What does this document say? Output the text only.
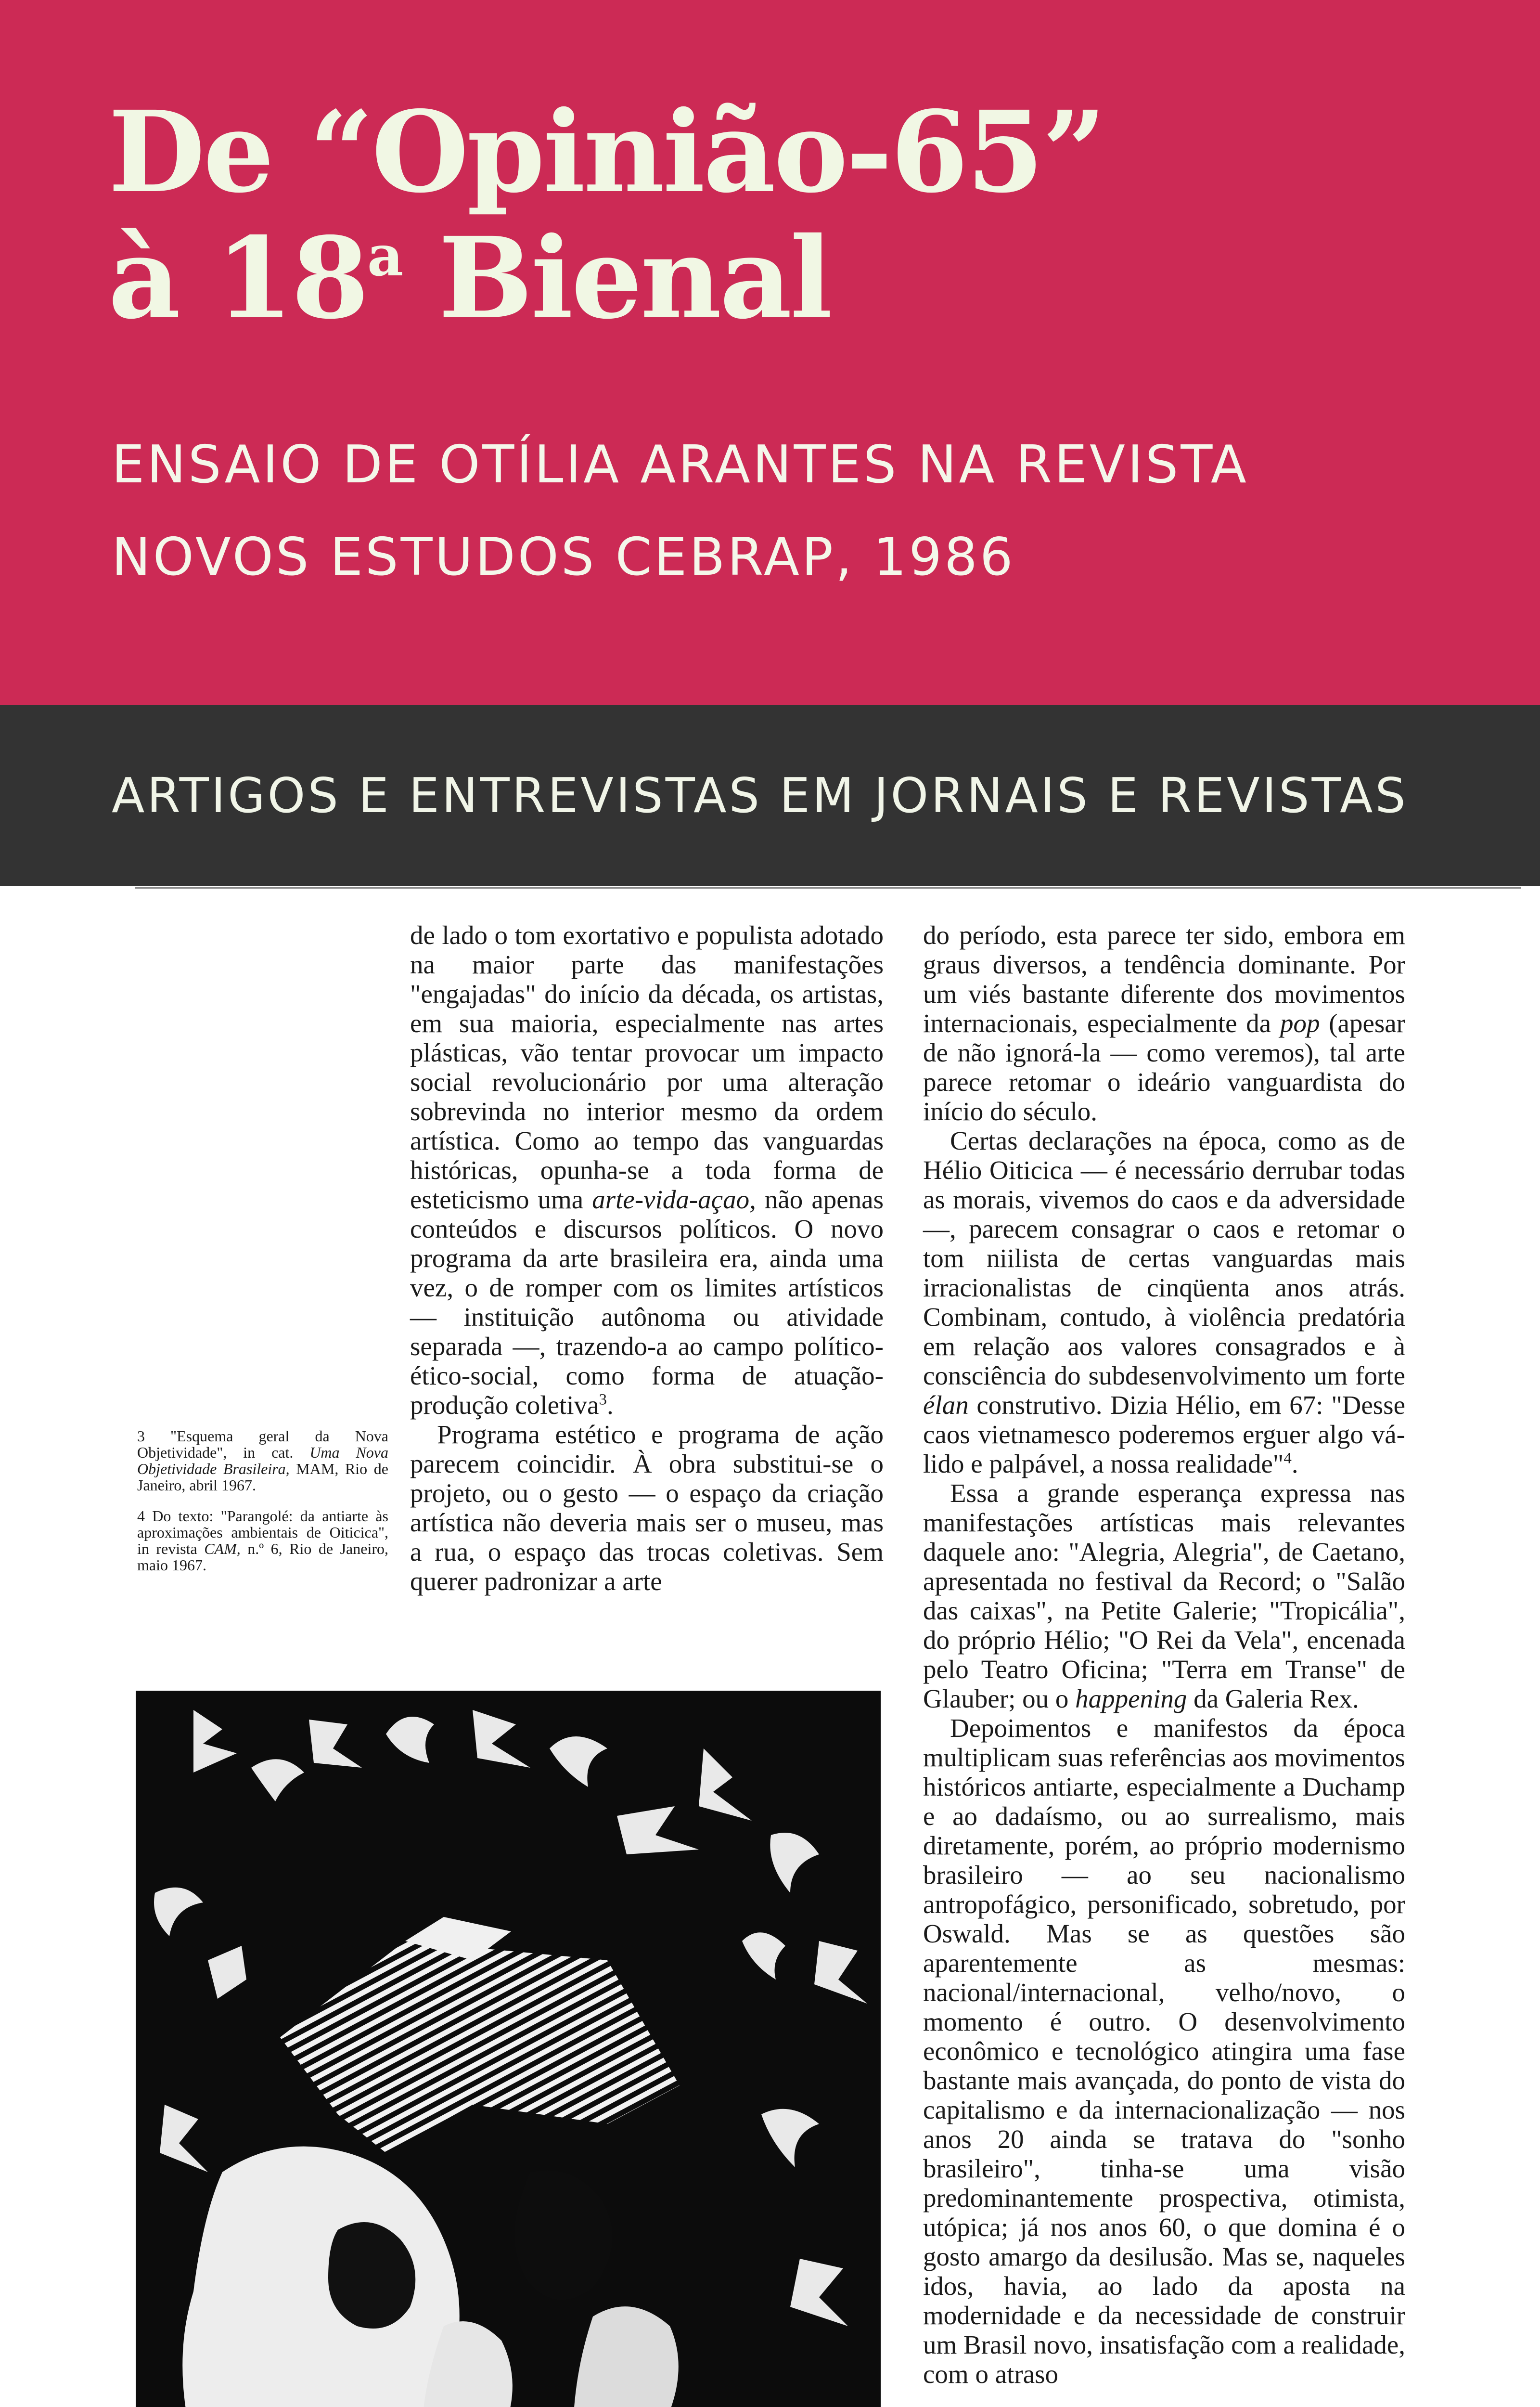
De “Opinião-65”
à 18$^a$ Bienal
ENSAIO DE OTÍLIA ARANTES NA REVISTA
NOVOS ESTUDOS CEBRAP, 1986
ARTIGOS E ENTREVISTAS EM JORNAIS E REVISTAS

de lado o tom exortativo e populista adotado na maior parte das manifestações "engajadas" do início da década, os artistas, em sua maioria, especialmente nas artes plásticas, vão tentar provocar um impacto social revolucionário por uma alteração sobrevinda no interior mesmo da ordem artística. Como ao tempo das vanguardas históricas, opunha-se a toda forma de esteticismo uma arte-vida-açao, não apenas conteúdos e discursos políticos. O novo programa da arte brasileira era, ainda uma vez, o de romper com os limites artísticos — instituição autônoma ou atividade separada —, trazendo-a ao campo político-ético-social, como forma de atuação-produção coletiva$^3$.

Programa estético e programa de ação parecem coincidir. À obra substitui-se o projeto, ou o gesto — o espaço da criação artística não deveria mais ser o museu, mas a rua, o espaço das trocas coletivas. Sem querer padronizar a arte

do período, esta parece ter sido, embora em graus diversos, a tendência dominante. Por um viés bastante diferente dos movimentos internacionais, especialmente da pop (apesar de não ignorá-la — como veremos), tal arte parece retomar o ideário vanguardista do início do século.

Certas declarações na época, como as de Hélio Oiticica — é necessário derrubar todas as morais, vivemos do caos e da adversidade —, parecem consagrar o caos e retomar o tom niilista de certas vanguardas mais irracionalistas de cinqüenta anos atrás. Combinam, contudo, à violência predatória em relação aos valores consagrados e à consciência do subdesenvolvimento um forte élan construtivo. Dizia Hélio, em 67: "Desse caos vietnamesco poderemos erguer algo válido e palpável, a nossa realidade"$^4$.

Essa a grande esperança expressa nas manifestações artísticas mais relevantes daquele ano: "Alegria, Alegria", de Caetano, apresentada no festival da Record; o "Salão das caixas", na Petite Galerie; "Tropicália", do próprio Hélio; "O Rei da Vela", encenada pelo Teatro Oficina; "Terra em Transe" de Glauber; ou o happening da Galeria Rex.

Depoimentos e manifestos da época multiplicam suas referências aos movimentos históricos antiarte, especialmente a Duchamp e ao dadaísmo, ou ao surrealismo, mais diretamente, porém, ao próprio modernismo brasileiro — ao seu nacionalismo antropofágico, personificado, sobretudo, por Oswald. Mas se as questões são aparentemente as mesmas: nacional/internacional, velho/novo, o momento é outro. O desenvolvimento econômico e tecnológico atingira uma fase bastante mais avançada, do ponto de vista do capitalismo e da internacionalização — nos anos 20 ainda se tratava do "sonho brasileiro", tinha-se uma visão predominantemente prospectiva, otimista, utópica; já nos anos 60, o que domina é o gosto amargo da desilusão. Mas se, naqueles idos, havia, ao lado da aposta na modernidade e da necessidade de construir um Brasil novo, insatisfação com a realidade, com o atraso

3 "Esquema geral da Nova Objetividade", in cat. Uma Nova Objetividade Brasileira, MAM, Rio de Janeiro, abril 1967.

4 Do texto: "Parangolé: da antiarte às aproximações ambientais de Oiticica", in revista CAM, n.º 6, Rio de Janeiro, maio 1967.
